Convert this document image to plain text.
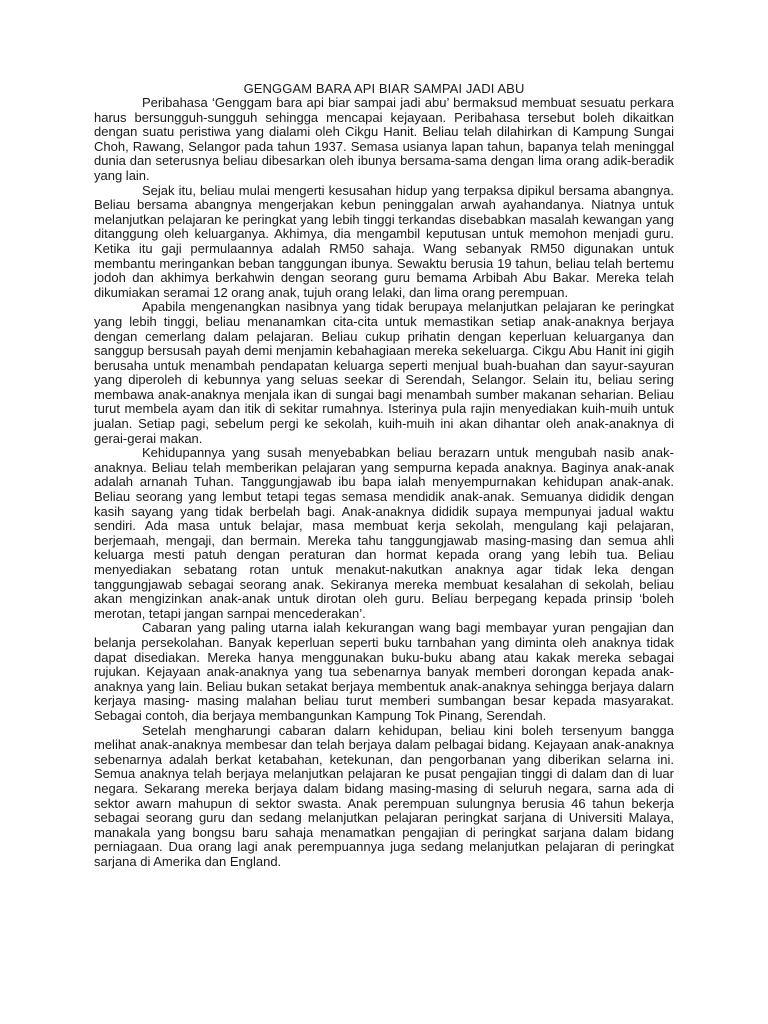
GENGGAM BARA API BIAR SAMPAI JADI ABU

Peribahasa ‘Genggam bara api biar sampai jadi abu’ bermaksud membuat sesuatu perkara harus bersungguh-sungguh sehingga mencapai kejayaan. Peribahasa tersebut boleh dikaitkan dengan suatu peristiwa yang dialami oleh Cikgu Hanit. Beliau telah dilahirkan di Kampung Sungai Choh, Rawang, Selangor pada tahun 1937. Semasa usianya lapan tahun, bapanya telah meninggal dunia dan seterusnya beliau dibesarkan oleh ibunya bersama-sama dengan lima orang adik-beradik yang lain.

Sejak itu, beliau mulai mengerti kesusahan hidup yang terpaksa dipikul bersama abangnya. Beliau bersama abangnya mengerjakan kebun peninggalan arwah ayahandanya. Niatnya untuk melanjutkan pelajaran ke peringkat yang lebih tinggi terkandas disebabkan masalah kewangan yang ditanggung oleh keluarganya. Akhimya, dia mengambil keputusan untuk memohon menjadi guru. Ketika itu gaji permulaannya adalah RM50 sahaja. Wang sebanyak RM50 digunakan untuk membantu meringankan beban tanggungan ibunya. Sewaktu berusia 19 tahun, beliau telah bertemu jodoh dan akhimya berkahwin dengan seorang guru bemama Arbibah Abu Bakar. Mereka telah dikumiakan seramai 12 orang anak, tujuh orang lelaki, dan lima orang perempuan.

Apabila mengenangkan nasibnya yang tidak berupaya melanjutkan pelajaran ke peringkat yang lebih tinggi, beliau menanamkan cita-cita untuk memastikan setiap anak-anaknya berjaya dengan cemerlang dalam pelajaran. Beliau cukup prihatin dengan keperluan keluarganya dan sanggup bersusah payah demi menjamin kebahagiaan mereka sekeluarga. Cikgu Abu Hanit ini gigih berusaha untuk menambah pendapatan keluarga seperti menjual buah-buahan dan sayur-sayuran yang diperoleh di kebunnya yang seluas seekar di Serendah, Selangor. Selain itu, beliau sering membawa anak-anaknya menjala ikan di sungai bagi menambah sumber makanan seharian. Beliau turut membela ayam dan itik di sekitar rumahnya. Isterinya pula rajin menyediakan kuih-muih untuk jualan. Setiap pagi, sebelum pergi ke sekolah, kuih-muih ini akan dihantar oleh anak-anaknya di gerai-gerai makan.

Kehidupannya yang susah menyebabkan beliau berazarn untuk mengubah nasib anak-anaknya. Beliau telah memberikan pelajaran yang sempurna kepada anaknya. Baginya anak-anak adalah arnanah Tuhan. Tanggungjawab ibu bapa ialah menyempurnakan kehidupan anak-anak. Beliau seorang yang lembut tetapi tegas semasa mendidik anak-anak. Semuanya dididik dengan kasih sayang yang tidak berbelah bagi. Anak-anaknya dididik supaya mempunyai jadual waktu sendiri. Ada masa untuk belajar, masa membuat kerja sekolah, mengulang kaji pelajaran, berjemaah, mengaji, dan bermain. Mereka tahu tanggungjawab masing-masing dan semua ahli keluarga mesti patuh dengan peraturan dan hormat kepada orang yang lebih tua. Beliau menyediakan sebatang rotan untuk menakut-nakutkan anaknya agar tidak leka dengan tanggungjawab sebagai seorang anak. Sekiranya mereka membuat kesalahan di sekolah, beliau akan mengizinkan anak-anak untuk dirotan oleh guru. Beliau berpegang kepada prinsip ‘boleh merotan, tetapi jangan sarnpai mencederakan’.

Cabaran yang paling utarna ialah kekurangan wang bagi membayar yuran pengajian dan belanja persekolahan. Banyak keperluan seperti buku tarnbahan yang diminta oleh anaknya tidak dapat disediakan. Mereka hanya menggunakan buku-buku abang atau kakak mereka sebagai rujukan. Kejayaan anak-anaknya yang tua sebenarnya banyak memberi dorongan kepada anak-anaknya yang lain. Beliau bukan setakat berjaya membentuk anak-anaknya sehingga berjaya dalarn kerjaya masing- masing malahan beliau turut memberi sumbangan besar kepada masyarakat. Sebagai contoh, dia berjaya membangunkan Kampung Tok Pinang, Serendah.

Setelah mengharungi cabaran dalarn kehidupan, beliau kini boleh tersenyum bangga melihat anak-anaknya membesar dan telah berjaya dalam pelbagai bidang. Kejayaan anak-anaknya sebenarnya adalah berkat ketabahan, ketekunan, dan pengorbanan yang diberikan selarna ini. Semua anaknya telah berjaya melanjutkan pelajaran ke pusat pengajian tinggi di dalam dan di luar negara. Sekarang mereka berjaya dalam bidang masing-masing di seluruh negara, sarna ada di sektor awarn mahupun di sektor swasta. Anak perempuan sulungnya berusia 46 tahun bekerja sebagai seorang guru dan sedang melanjutkan pelajaran peringkat sarjana di Universiti Malaya, manakala yang bongsu baru sahaja menamatkan pengajian di peringkat sarjana dalam bidang perniagaan. Dua orang lagi anak perempuannya juga sedang melanjutkan pelajaran di peringkat sarjana di Amerika dan England.
